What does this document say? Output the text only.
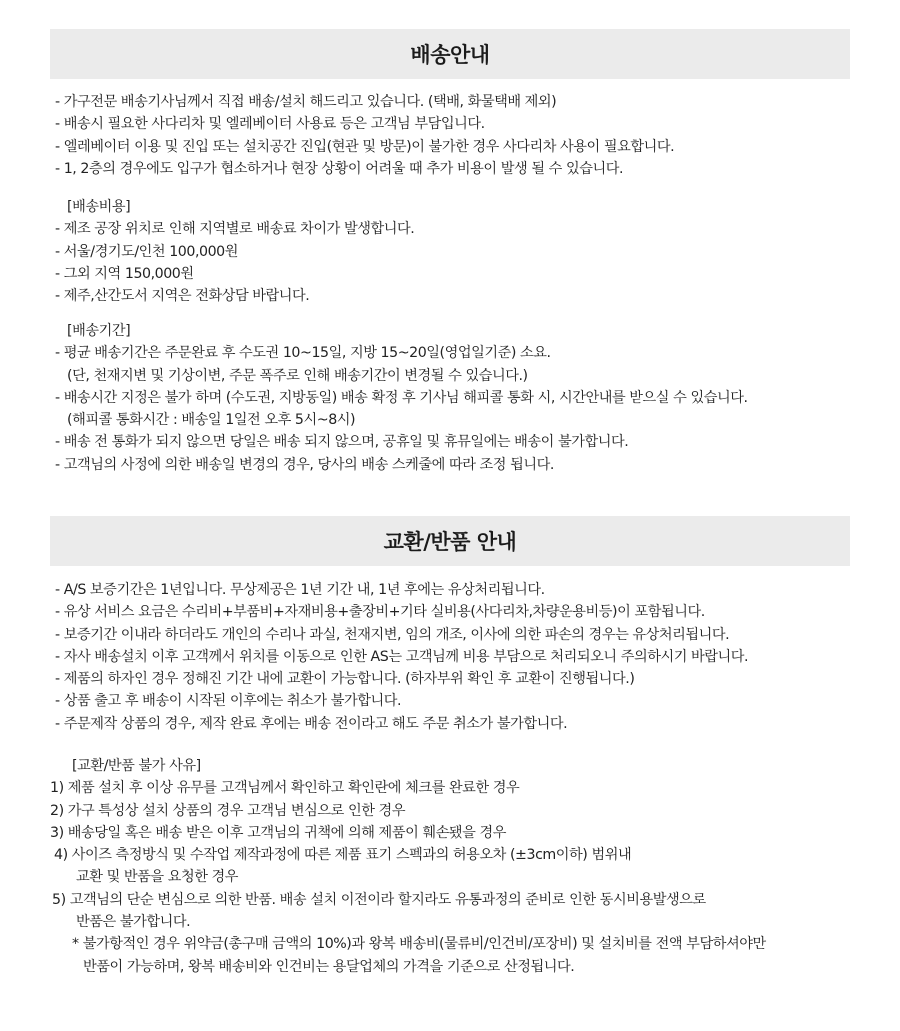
배송안내
- 가구전문 배송기사님께서 직접 배송/설치 해드리고 있습니다. (택배, 화물택배 제외)
- 배송시 필요한 사다리차 및 엘레베이터 사용료 등은 고객님 부담입니다.
- 엘레베이터 이용 및 진입 또는 설치공간 진입(현관 및 방문)이 불가한 경우 사다리차 사용이 필요합니다.
- 1, 2층의 경우에도 입구가 협소하거나 현장 상황이 어려울 때 추가 비용이 발생 될 수 있습니다.
[배송비용]
- 제조 공장 위치로 인해 지역별로 배송료 차이가 발생합니다.
- 서울/경기도/인천 100,000원
- 그외 지역 150,000원
- 제주,산간도서 지역은 전화상담 바랍니다.
[배송기간]
- 평균 배송기간은 주문완료 후 수도권 10~15일, 지방 15~20일(영업일기준) 소요.
(단, 천재지변 및 기상이변, 주문 폭주로 인해 배송기간이 변경될 수 있습니다.)
- 배송시간 지정은 불가 하며 (수도권, 지방동일) 배송 확정 후 기사님 해피콜 통화 시, 시간안내를 받으실 수 있습니다.
(해피콜 통화시간 : 배송일 1일전 오후 5시~8시)
- 배송 전 통화가 되지 않으면 당일은 배송 되지 않으며, 공휴일 및 휴뮤일에는 배송이 불가합니다.
- 고객님의 사정에 의한 배송일 변경의 경우, 당사의 배송 스케줄에 따라 조정 됩니다.
교환/반품 안내
- A/S 보증기간은 1년입니다. 무상제공은 1년 기간 내, 1년 후에는 유상처리됩니다.
- 유상 서비스 요금은 수리비+부품비+자재비용+출장비+기타 실비용(사다리차,차량운용비등)이 포함됩니다.
- 보증기간 이내라 하더라도 개인의 수리나 과실, 천재지변, 임의 개조, 이사에 의한 파손의 경우는 유상처리됩니다.
- 자사 배송설치 이후 고객께서 위치를 이동으로 인한 AS는 고객님께 비용 부담으로 처리되오니 주의하시기 바랍니다.
- 제품의 하자인 경우 정해진 기간 내에 교환이 가능합니다. (하자부위 확인 후 교환이 진행됩니다.)
- 상품 출고 후 배송이 시작된 이후에는 취소가 불가합니다.
- 주문제작 상품의 경우, 제작 완료 후에는 배송 전이라고 해도 주문 취소가 불가합니다.
[교환/반품 불가 사유]
1) 제품 설치 후 이상 유무를 고객님께서 확인하고 확인란에 체크를 완료한 경우
2) 가구 특성상 설치 상품의 경우 고객님 변심으로 인한 경우
3) 배송당일 혹은 배송 받은 이후 고객님의 귀책에 의해 제품이 훼손됐을 경우
4) 사이즈 측정방식 및 수작업 제작과정에 따른 제품 표기 스펙과의 허용오차 (±3cm이하) 범위내
교환 및 반품을 요청한 경우
5) 고객님의 단순 변심으로 의한 반품. 배송 설치 이전이라 할지라도 유통과정의 준비로 인한 동시비용발생으로
반품은 불가합니다.
* 불가항적인 경우 위약금(총구매 금액의 10%)과 왕복 배송비(물류비/인건비/포장비) 및 설치비를 전액 부담하셔야만
반품이 가능하며, 왕복 배송비와 인건비는 용달업체의 가격을 기준으로 산정됩니다.
